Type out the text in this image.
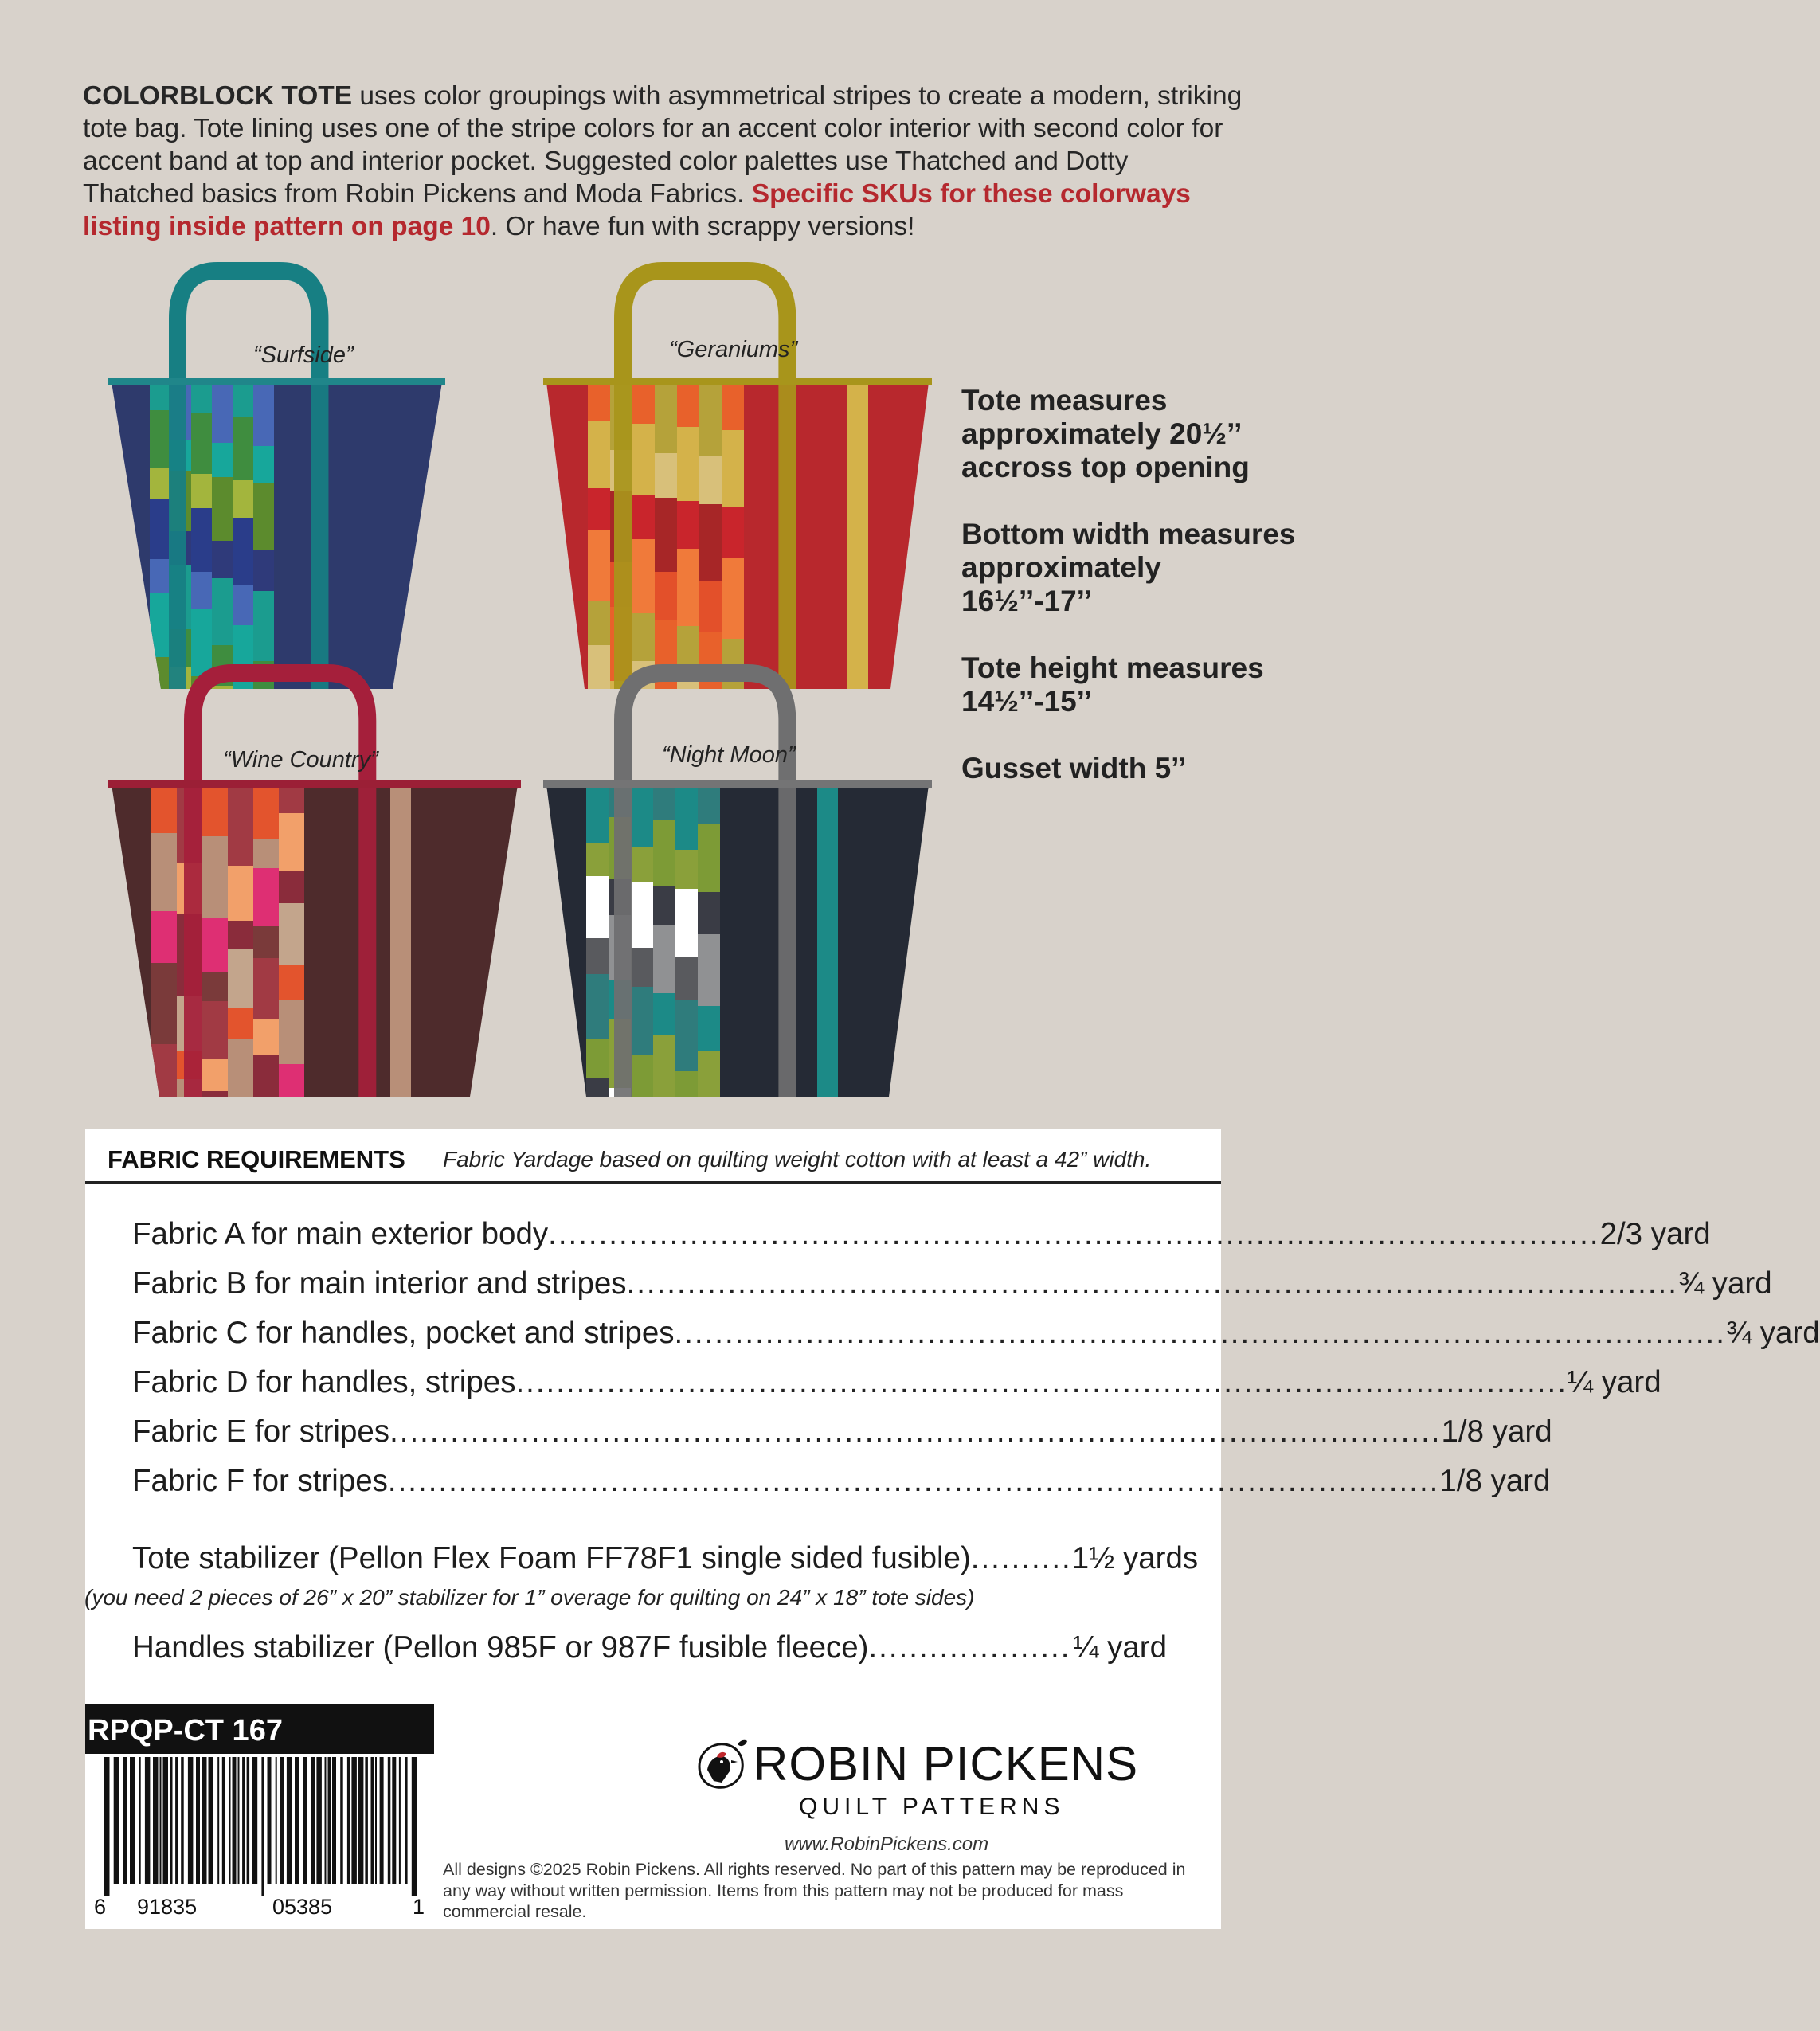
COLORBLOCK TOTE uses color groupings with asymmetrical stripes to create a modern, striking tote bag. Tote lining uses one of the stripe colors for an accent color interior with second color for accent band at top and interior pocket. Suggested color palettes use Thatched and Dotty Thatched basics from Robin Pickens and Moda Fabrics. Specific SKUs for these colorways listing inside pattern on page 10. Or have fun with scrappy versions!
“Surfside”	“Geraniums”
“Wine Country”	“Night Moon”
Tote measures approximately 20½’’ accross top opening
Bottom width measures approximately 16½’’-17’’
Tote height measures 14½’’-15’’
Gusset width 5’’
FABRIC REQUIREMENTS Fabric Yardage based on quilting weight cotton with at least a 42” width.
Fabric A for main exterior body ........................................................................................................ 2/3 yard
Fabric B for main interior and stripes ........................................................................................................ ¾ yard
Fabric C for handles, pocket and stripes ........................................................................................................ ¾ yard
Fabric D for handles, stripes ........................................................................................................ ¼ yard
Fabric E for stripes ........................................................................................................ 1/8 yard
Fabric F for stripes ........................................................................................................ 1/8 yard
Tote stabilizer (Pellon Flex Foam FF78F1 single sided fusible) .......... 1½ yards
Handles stabilizer (Pellon 985F or 987F fusible fleece) .................... ¼ yard
(you need 2 pieces of 26” x 20” stabilizer for 1” overage for quilting on 24” x 18” tote sides)
RPQP-CT 167
6 91835	05385	1
ROBIN PICKENS
QUILT PATTERNS
www.RobinPickens.com
All designs ©2025 Robin Pickens. All rights reserved. No part of this pattern may be reproduced in any way without written permission. Items from this pattern may not be produced for mass commercial resale.
